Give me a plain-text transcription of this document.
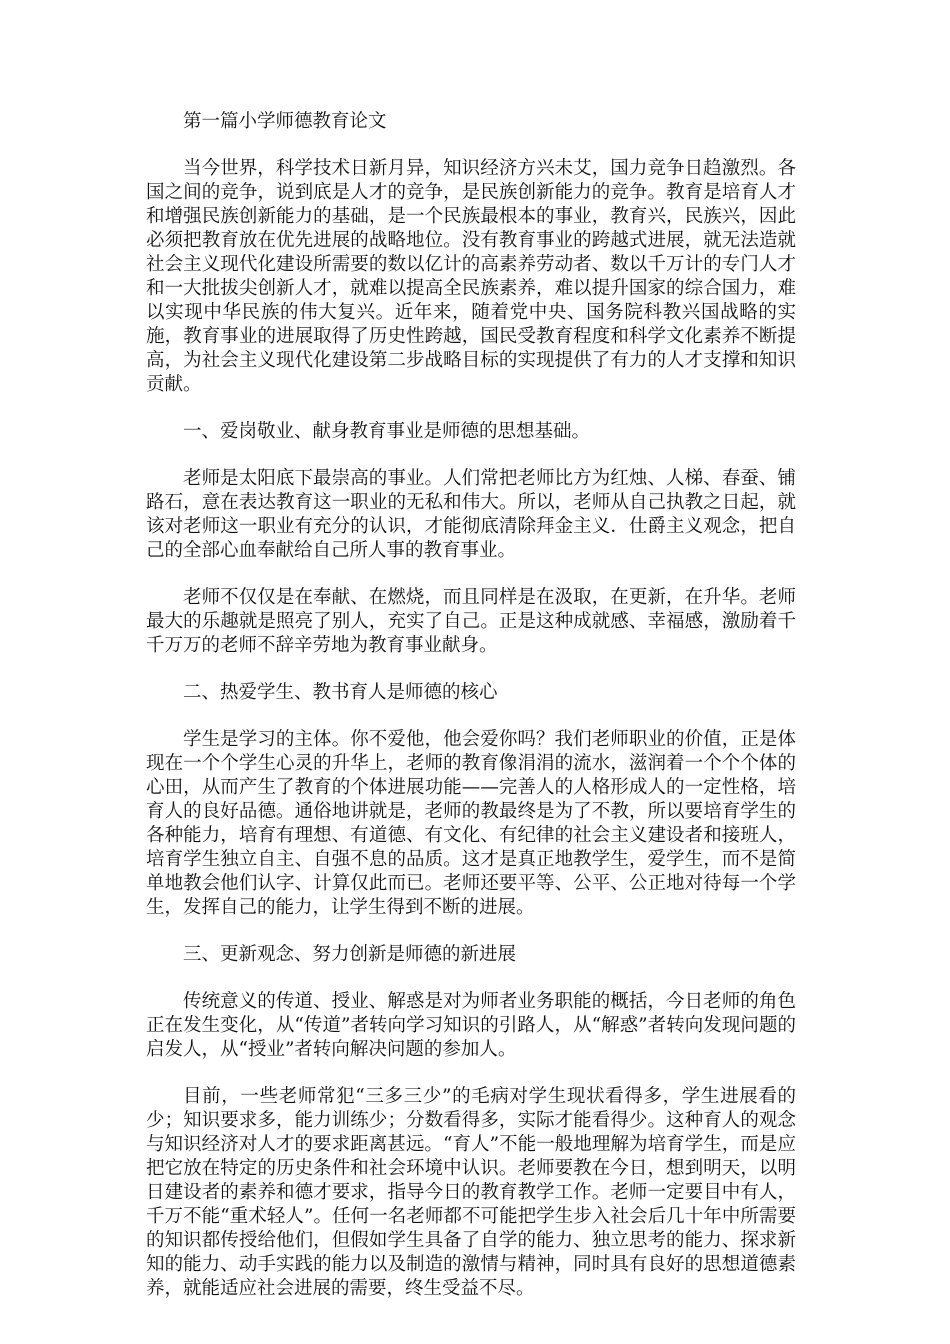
第一篇小学师德教育论文

当今世界，科学技术日新月异，知识经济方兴未艾，国力竞争日趋激烈。各国之间的竞争，说到底是人才的竞争，是民族创新能力的竞争。教育是培育人才和增强民族创新能力的基础，是一个民族最根本的事业，教育兴，民族兴，因此必须把教育放在优先进展的战略地位。没有教育事业的跨越式进展，就无法造就社会主义现代化建设所需要的数以亿计的高素养劳动者、数以千万计的专门人才和一大批拔尖创新人才，就难以提高全民族素养，难以提升国家的综合国力，难以实现中华民族的伟大复兴。近年来，随着党中央、国务院科教兴国战略的实施，教育事业的进展取得了历史性跨越，国民受教育程度和科学文化素养不断提高，为社会主义现代化建设第二步战略目标的实现提供了有力的人才支撑和知识贡献。

一、爱岗敬业、献身教育事业是师德的思想基础。

老师是太阳底下最崇高的事业。人们常把老师比方为红烛、人梯、春蚕、铺路石，意在表达教育这一职业的无私和伟大。所以，老师从自己执教之日起，就该对老师这一职业有充分的认识，才能彻底清除拜金主义．仕爵主义观念，把自己的全部心血奉献给自己所人事的教育事业。

老师不仅仅是在奉献、在燃烧，而且同样是在汲取，在更新，在升华。老师最大的乐趣就是照亮了别人，充实了自己。正是这种成就感、幸福感，激励着千千万万的老师不辞辛劳地为教育事业献身。

二、热爱学生、教书育人是师德的核心

学生是学习的主体。你不爱他，他会爱你吗？我们老师职业的价值，正是体现在一个个学生心灵的升华上，老师的教育像涓涓的流水，滋润着一个个个体的心田，从而产生了教育的个体进展功能——完善人的人格形成人的一定性格，培育人的良好品德。通俗地讲就是，老师的教最终是为了不教，所以要培育学生的各种能力，培育有理想、有道德、有文化、有纪律的社会主义建设者和接班人，培育学生独立自主、自强不息的品质。这才是真正地教学生，爱学生，而不是简单地教会他们认字、计算仅此而已。老师还要平等、公平、公正地对待每一个学生，发挥自己的能力，让学生得到不断的进展。

三、更新观念、努力创新是师德的新进展

传统意义的传道、授业、解惑是对为师者业务职能的概括，今日老师的角色正在发生变化，从“传道”者转向学习知识的引路人，从“解惑”者转向发现问题的启发人，从“授业”者转向解决问题的参加人。

目前，一些老师常犯“三多三少”的毛病对学生现状看得多，学生进展看的少；知识要求多，能力训练少；分数看得多，实际才能看得少。这种育人的观念与知识经济对人才的要求距离甚远。“育人”不能一般地理解为培育学生，而是应把它放在特定的历史条件和社会环境中认识。老师要教在今日，想到明天，以明日建设者的素养和德才要求，指导今日的教育教学工作。老师一定要目中有人，千万不能“重术轻人”。任何一名老师都不可能把学生步入社会后几十年中所需要的知识都传授给他们，但假如学生具备了自学的能力、独立思考的能力、探求新知的能力、动手实践的能力以及制造的激情与精神，同时具有良好的思想道德素养，就能适应社会进展的需要，终生受益不尽。
